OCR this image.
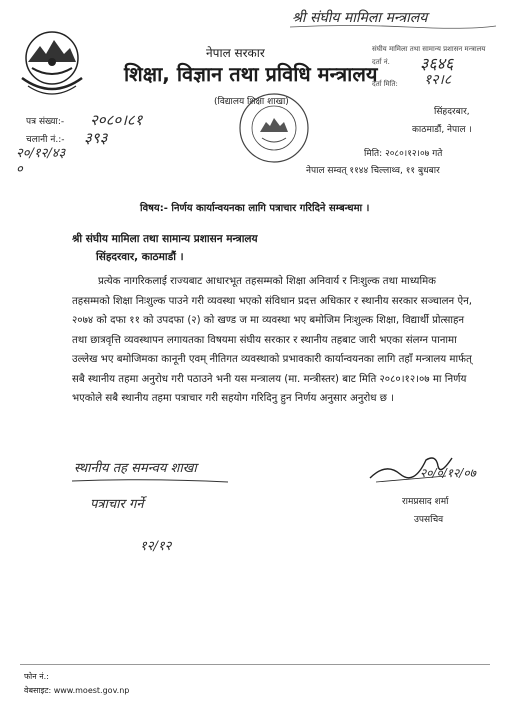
श्री संघीय मामिला मन्त्रालय
नेपाल सरकार
शिक्षा, विज्ञान तथा प्रविधि मन्त्रालय
(विद्यालय शिक्षा शाखा)
संघीय मामिला तथा सामान्य प्रशासन मन्त्रालय
दर्ता नं.
दर्ता मिति:
३६४६
१२।८
सिंहदरबार,
काठमाडौं, नेपाल ।
पत्र संख्या:- २०८०।८१
चलानी नं.:- ३९३
२०/१२/४३०
मिति: २०८०।१२।०७ गते
नेपाल सम्वत् ११४४ चिल्लाथ्व, ११ बुधबार
विषय:- निर्णय कार्यान्वयनका लागि पत्राचार गरिदिने सम्बन्धमा ।
श्री संघीय मामिला तथा सामान्य प्रशासन मन्त्रालय
सिंहदरवार, काठमाडौं ।
प्रत्येक नागरिकलाई राज्यबाट आधारभूत तहसम्मको शिक्षा अनिवार्य र निःशुल्क तथा माध्यमिक
तहसम्मको शिक्षा निःशुल्क पाउने गरी व्यवस्था भएको संविधान प्रदत्त अधिकार र स्थानीय सरकार सञ्चालन ऐन,
२०७४ को दफा ११ को उपदफा (२) को खण्ड ज मा व्यवस्था भए बमोजिम निःशुल्क शिक्षा, विद्यार्थी प्रोत्साहन
तथा छात्रवृत्ति व्यवस्थापन लगायतका विषयमा संघीय सरकार र स्थानीय तहबाट जारी भएका संलग्न पानामा
उल्लेख भए बमोजिमका कानूनी एवम् नीतिगत व्यवस्थाको प्रभावकारी कार्यान्वयनका लागि तहाँ मन्त्रालय मार्फत्
सबै स्थानीय तहमा अनुरोध गरी पठाउने भनी यस मन्त्रालय (मा. मन्त्रीस्तर) बाट मिति २०८०।१२।०७ मा निर्णय
भएकोले सबै स्थानीय तहमा पत्राचार गरी सहयोग गरिदिनु हुन निर्णय अनुसार अनुरोध छ ।
स्थानीय तह समन्वय शाखा
पत्राचार गर्ने
१२/१२
२०/०/१२/०७
रामप्रसाद शर्मा
उपसचिव
फोन नं.:
वेबसाइट: www.moest.gov.np
